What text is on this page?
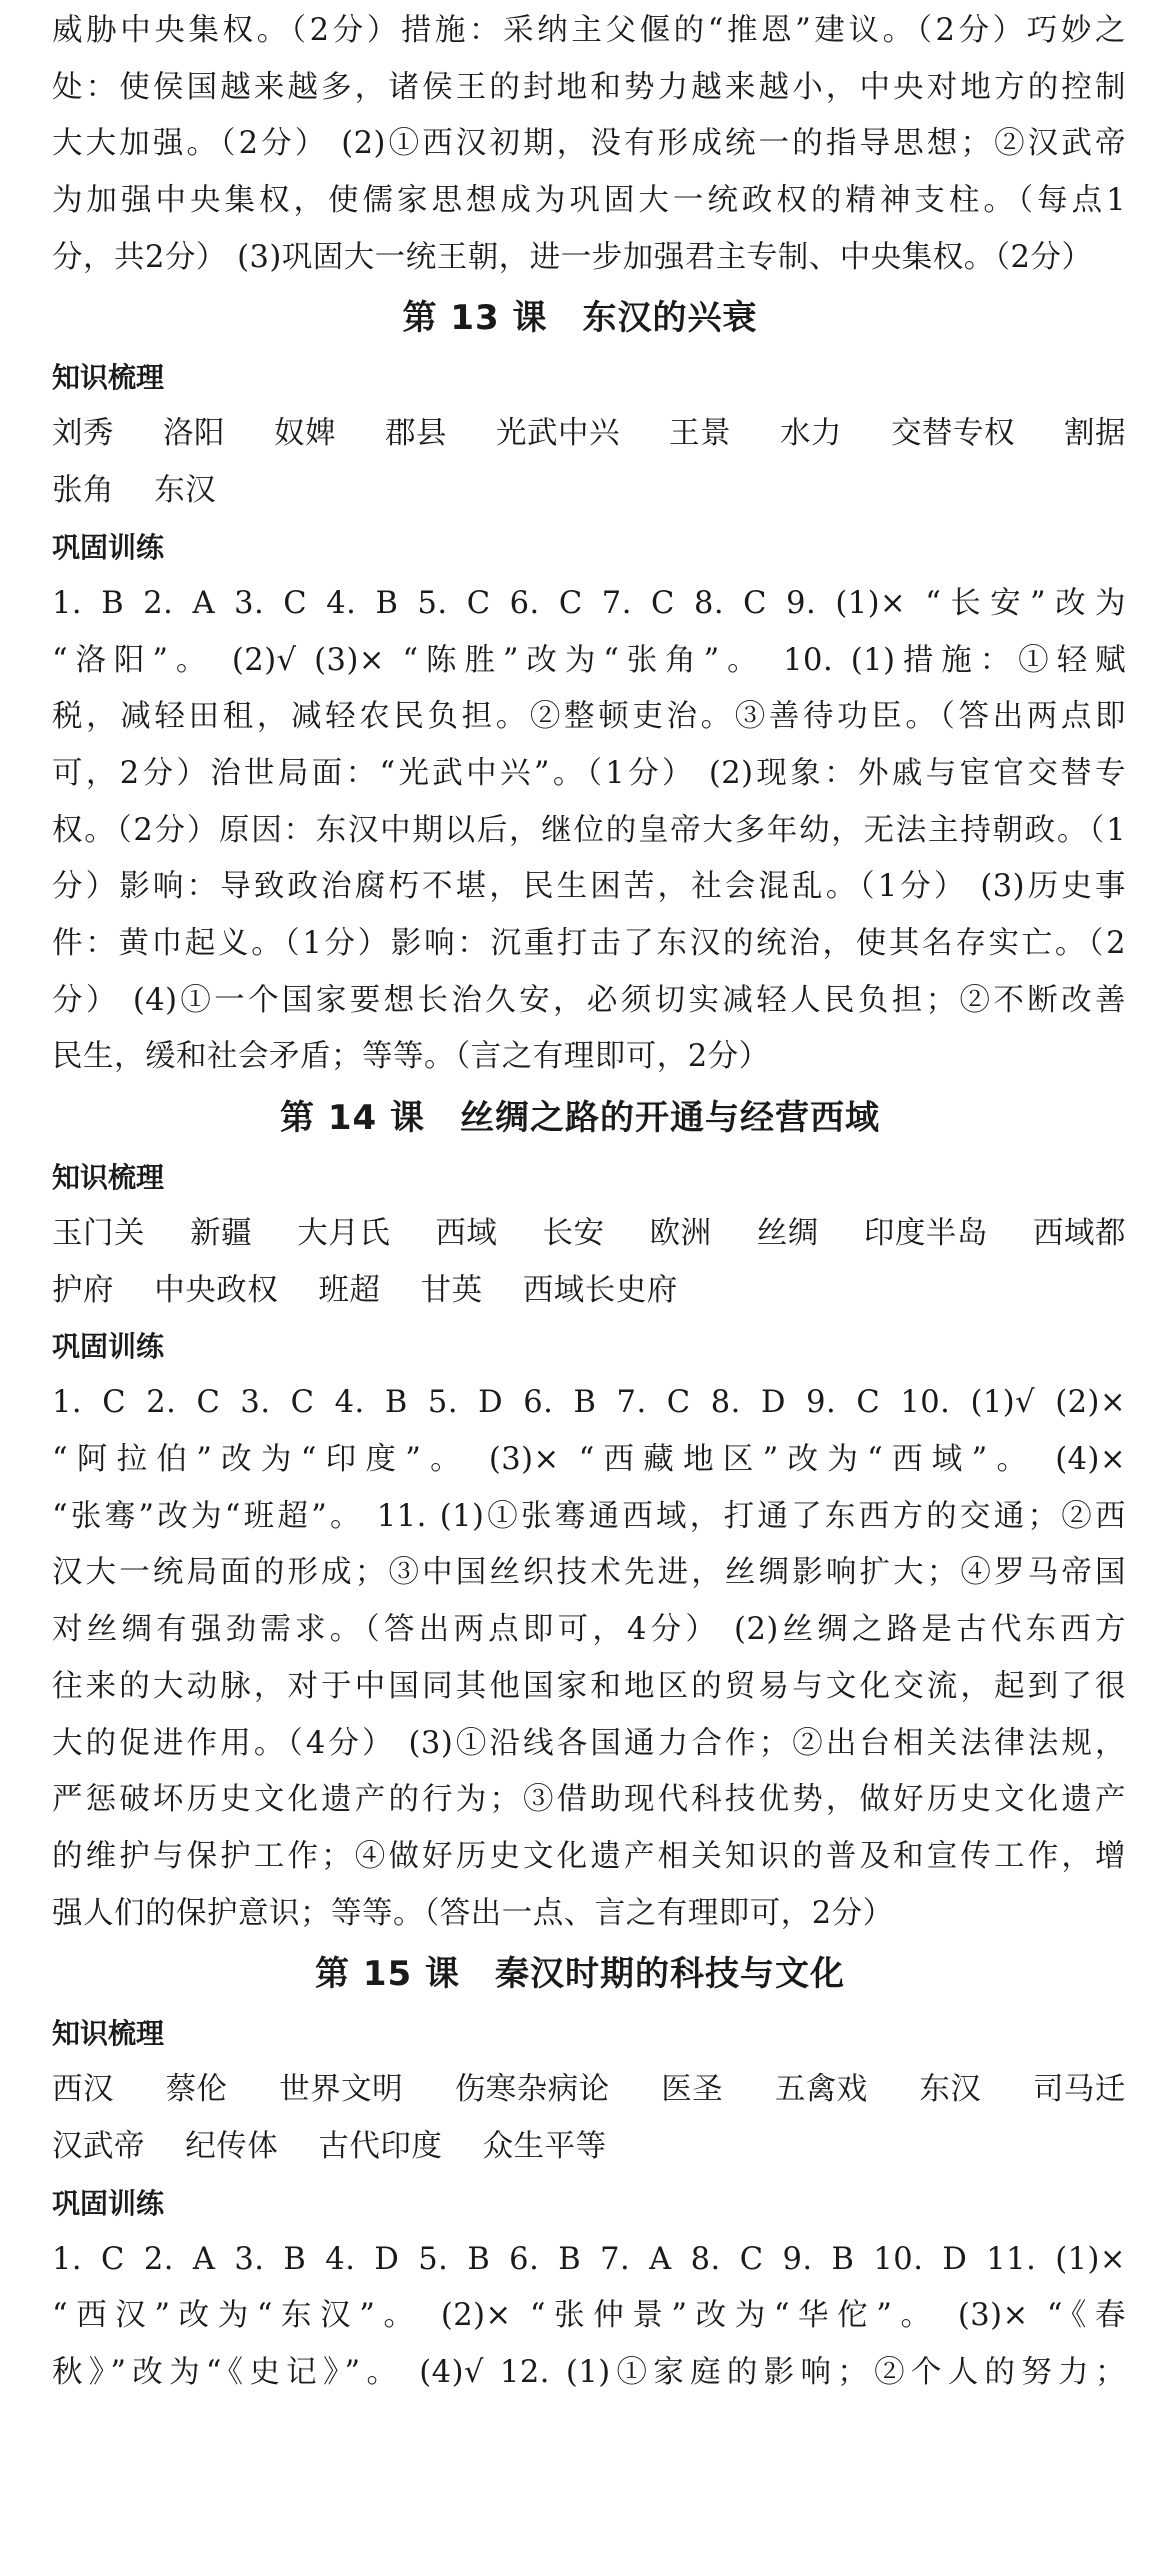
威胁中央集权。（2分）措施：采纳主父偃的“推恩”建议。（2分）巧妙之
处：使侯国越来越多，诸侯王的封地和势力越来越小，中央对地方的控制
大大加强。（2分） (2)①西汉初期，没有形成统一的指导思想；②汉武帝
为加强中央集权，使儒家思想成为巩固大一统政权的精神支柱。（每点1
分，共2分） (3)巩固大一统王朝，进一步加强君主专制、中央集权。（2分）
第 13 课　东汉的兴衰
知识梳理
刘秀 洛阳 奴婢 郡县 光武中兴 王景 水力 交替专权 割据
张角 东汉
巩固训练
1. B 2. A 3. C 4. B 5. C 6. C 7. C 8. C 9. (1)× “长安”改为
“洛阳”。 (2)√ (3)× “陈胜”改为“张角”。 10. (1)措施：①轻赋
税，减轻田租，减轻农民负担。②整顿吏治。③善待功臣。（答出两点即
可，2分）治世局面：“光武中兴”。（1分） (2)现象：外戚与宦官交替专
权。（2分）原因：东汉中期以后，继位的皇帝大多年幼，无法主持朝政。（1
分）影响：导致政治腐朽不堪，民生困苦，社会混乱。（1分） (3)历史事
件：黄巾起义。（1分）影响：沉重打击了东汉的统治，使其名存实亡。（2
分） (4)①一个国家要想长治久安，必须切实减轻人民负担；②不断改善
民生，缓和社会矛盾；等等。（言之有理即可，2分）
第 14 课　丝绸之路的开通与经营西域
知识梳理
玉门关 新疆 大月氏 西域 长安 欧洲 丝绸 印度半岛 西域都
护府 中央政权 班超 甘英 西域长史府
巩固训练
1. C 2. C 3. C 4. B 5. D 6. B 7. C 8. D 9. C 10. (1)√ (2)×
“阿拉伯”改为“印度”。 (3)× “西藏地区”改为“西域”。 (4)×
“张骞”改为“班超”。 11. (1)①张骞通西域，打通了东西方的交通；②西
汉大一统局面的形成；③中国丝织技术先进，丝绸影响扩大；④罗马帝国
对丝绸有强劲需求。（答出两点即可，4分） (2)丝绸之路是古代东西方
往来的大动脉，对于中国同其他国家和地区的贸易与文化交流，起到了很
大的促进作用。（4分） (3)①沿线各国通力合作；②出台相关法律法规，
严惩破坏历史文化遗产的行为；③借助现代科技优势，做好历史文化遗产
的维护与保护工作；④做好历史文化遗产相关知识的普及和宣传工作，增
强人们的保护意识；等等。（答出一点、言之有理即可，2分）
第 15 课　秦汉时期的科技与文化
知识梳理
西汉 蔡伦 世界文明 伤寒杂病论 医圣 五禽戏 东汉 司马迁
汉武帝 纪传体 古代印度 众生平等
巩固训练
1. C 2. A 3. B 4. D 5. B 6. B 7. A 8. C 9. B 10. D 11. (1)×
“西汉”改为“东汉”。 (2)× “张仲景”改为“华佗”。 (3)× “《春
秋》”改为“《史记》”。 (4)√ 12. (1)①家庭的影响；②个人的努力；
